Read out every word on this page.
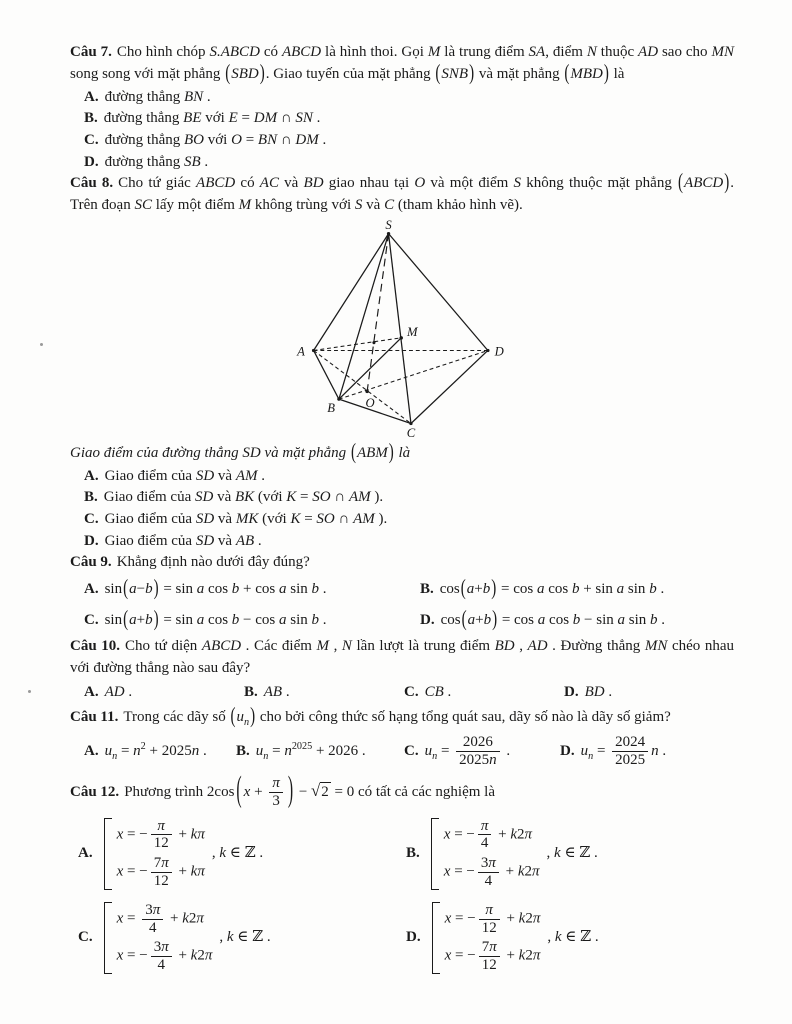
Câu 7. Cho hình chóp S.ABCD có ABCD là hình thoi. Gọi M là trung điểm SA, điểm N thuộc AD sao cho MN song song với mặt phẳng (SBD). Giao tuyến của mặt phẳng (SNB) và mặt phẳng (MBD) là

A. đường thẳng BN .
B. đường thẳng BE với E = DM ∩ SN .
C. đường thẳng BO với O = BN ∩ DM .
D. đường thẳng SB .

Câu 8. Cho tứ giác ABCD có AC và BD giao nhau tại O và một điểm S không thuộc mặt phẳng (ABCD). Trên đoạn SC lấy một điểm M không trùng với S và C (tham khảo hình vẽ).

S
A	D
B O
C
M

Giao điểm của đường thẳng SD và mặt phẳng (ABM) là

A. Giao điểm của SD và AM .
B. Giao điểm của SD và BK (với K = SO ∩ AM ).
C. Giao điểm của SD và MK (với K = SO ∩ AM ).
D. Giao điểm của SD và AB .

Câu 9. Khẳng định nào dưới đây đúng?

A. sin(a−b) = sin a cos b + cos a sin b .	B. cos(a+b) = cos a cos b + sin a sin b .
C. sin(a+b) = sin a cos b − cos a sin b .	D. cos(a+b) = cos a cos b − sin a sin b .

Câu 10. Cho tứ diện ABCD . Các điểm M , N lần lượt là trung điểm BD , AD . Đường thẳng MN chéo nhau với đường thẳng nào sau đây?

A. AD .	B. AB .	C. CB .	D. BD .

Câu 11. Trong các dãy số $(u_n)$ cho bởi công thức số hạng tổng quát sau, dãy số nào là dãy số giảm?

A. $u_n = n^2 + 2025n$ .	B. $u_n = n^{2025} + 2026$ .	C. $u_n = \frac{2026}{2025n}$ .	D. $u_n = \frac{2024}{2025}$ n .

Câu 12. Phương trình 2cos ( $x + \frac{\pi}{3}$ ) − √ 2 = 0 có tất cả các nghiệm là

A.
x = − $\frac{\pi}{12} + k\pi$
x = − $\frac{7\pi}{12} + k\pi$
, k ∈ ℤ .	B.
x = − $\frac{\pi}{4} + k2\pi$
x = − $\frac{3\pi}{4} + k2\pi$
, k ∈ ℤ .
C.
$x = \frac{3\pi}{4} + k2\pi$
x = − $\frac{3\pi}{4} + k2\pi$
, k ∈ ℤ .	D.
x = − $\frac{\pi}{12} + k2\pi$
x = − $\frac{7\pi}{12} + k2\pi$
, k ∈ ℤ .
